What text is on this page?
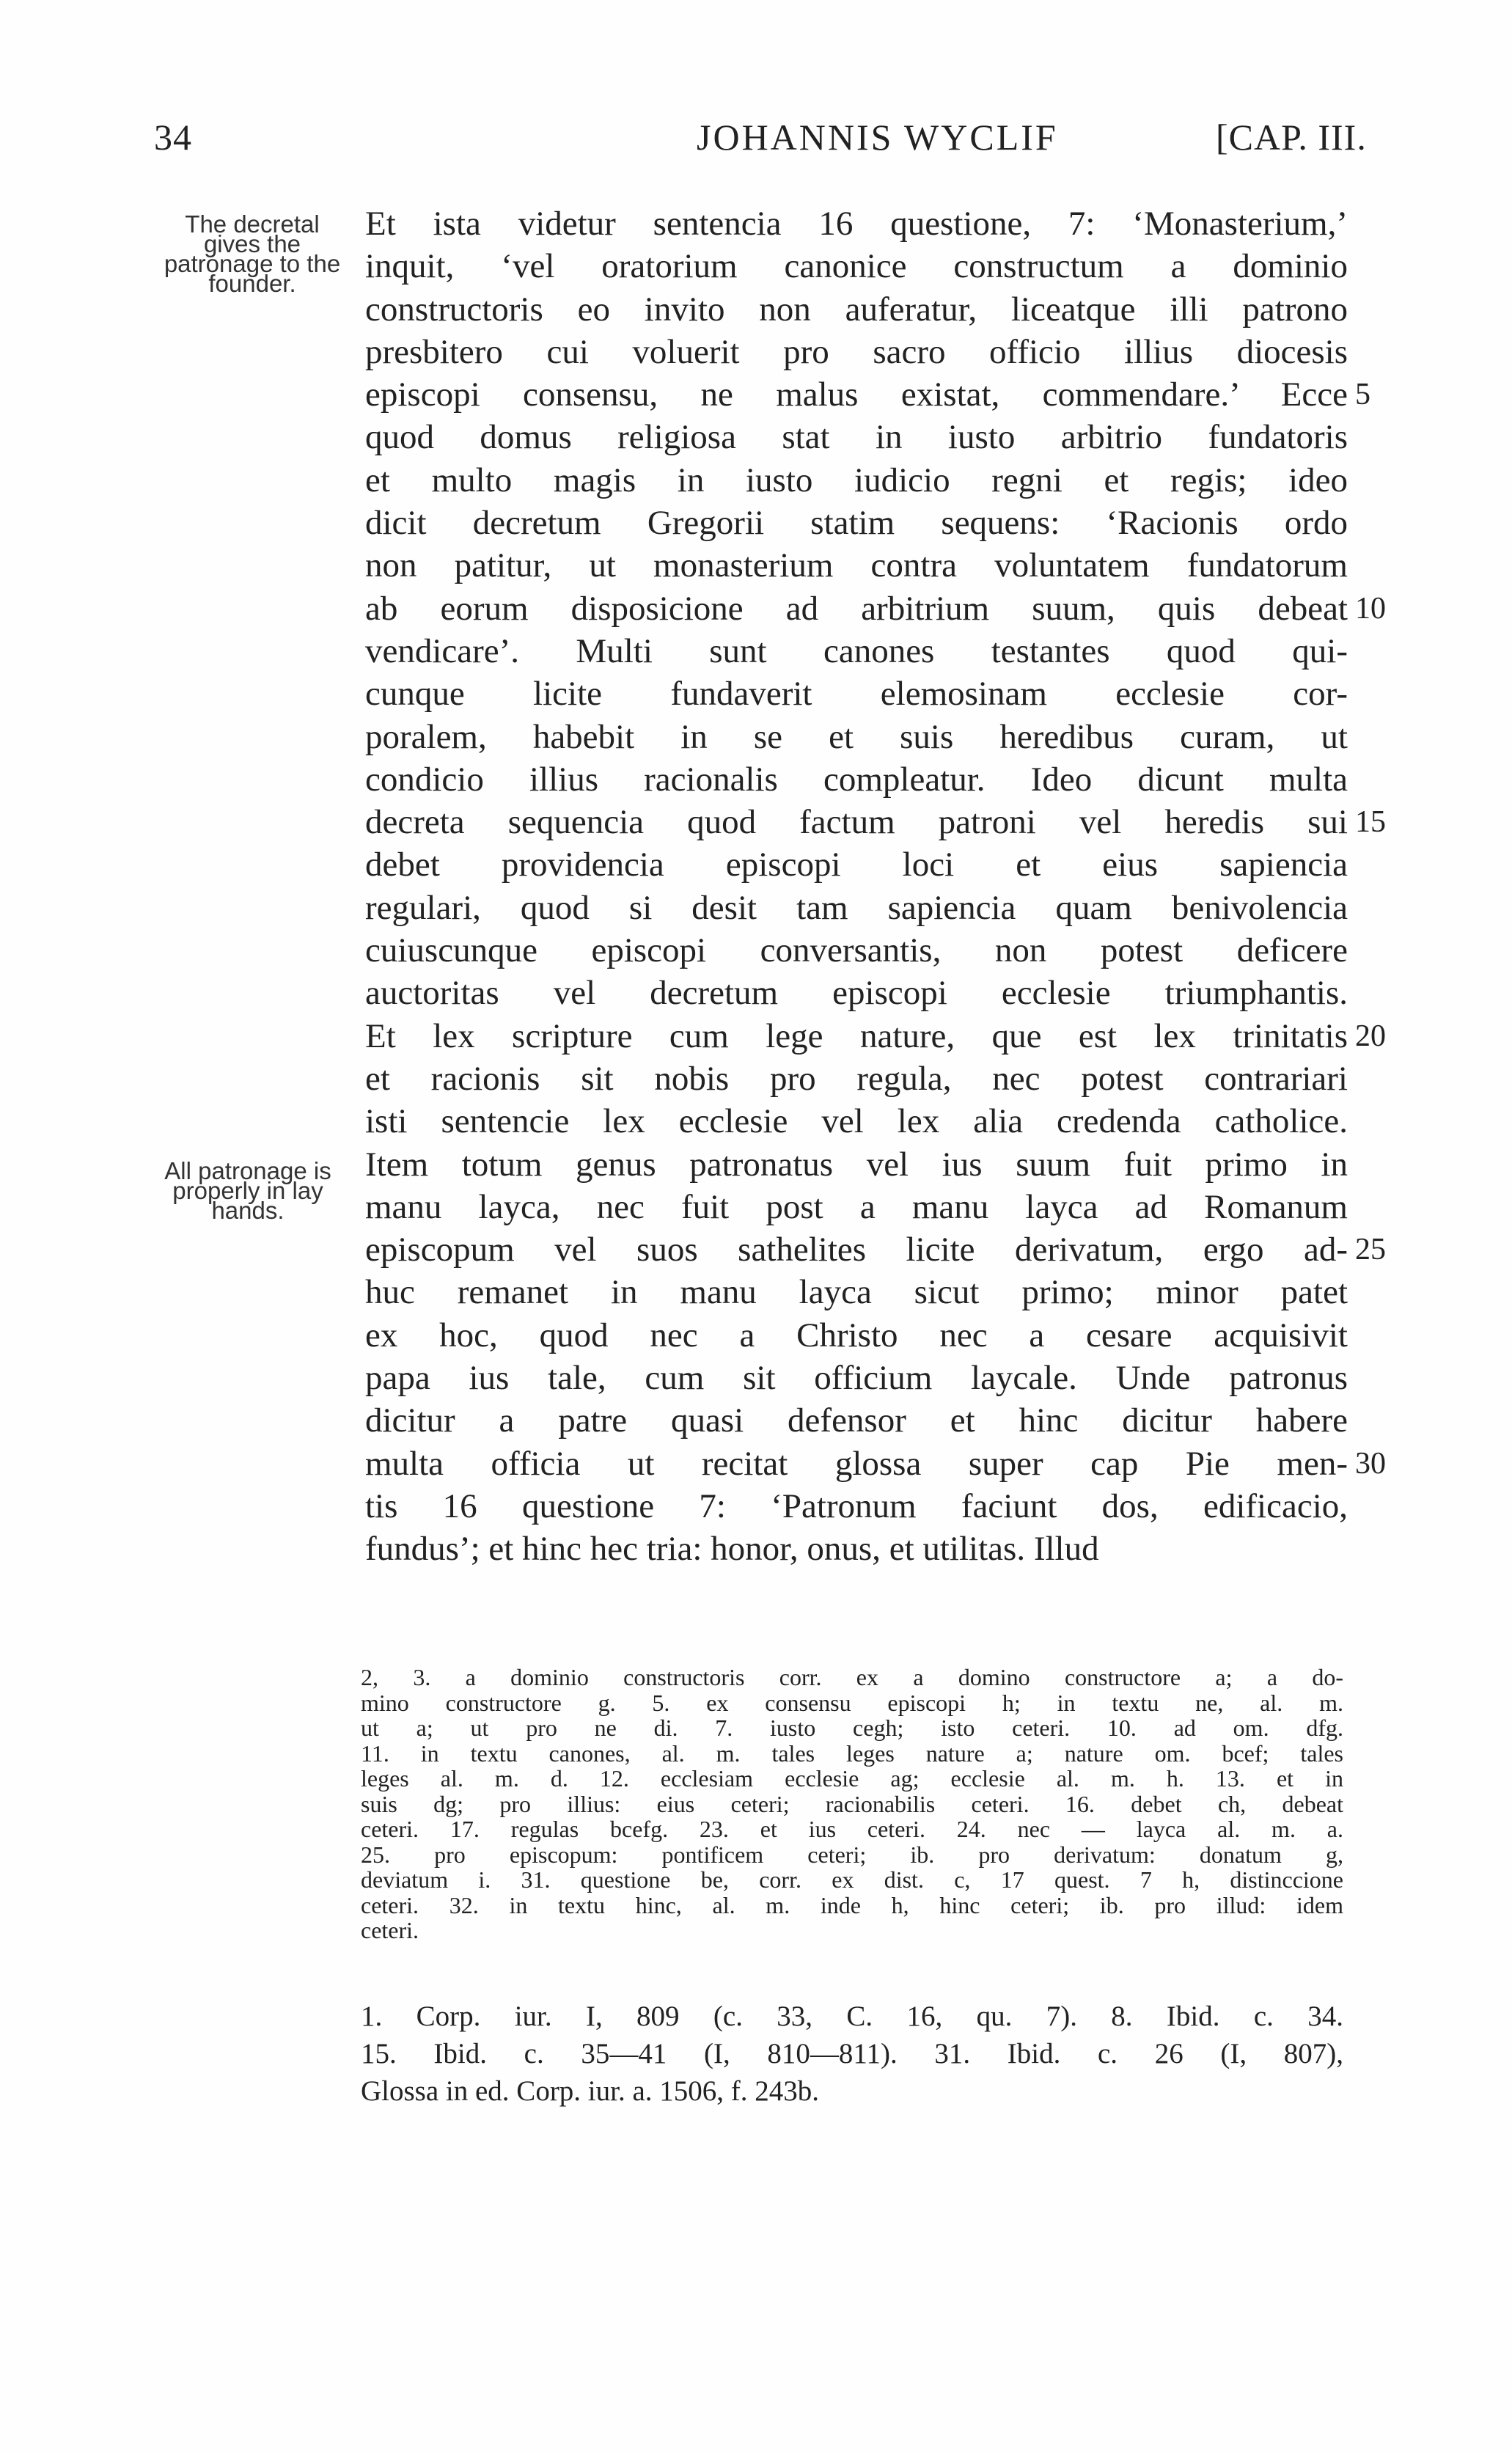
34	JOHANNIS WYCLIF	[CAP. III.
The decretal gives the patronage to the founder.
All patronage is properly in lay hands.
Et ista videtur sentencia 16 questione, 7: ‘Monasterium,’
inquit, ‘vel oratorium canonice constructum a dominio
constructoris eo invito non auferatur, liceatque illi patrono
presbitero cui voluerit pro sacro officio illius diocesis
episcopi consensu, ne malus existat, commendare.’ Ecce 5
quod domus religiosa stat in iusto arbitrio fundatoris
et multo magis in iusto iudicio regni et regis; ideo
dicit decretum Gregorii statim sequens: ‘Racionis ordo
non patitur, ut monasterium contra voluntatem fundatorum
ab eorum disposicione ad arbitrium suum, quis debeat 10
vendicare’. Multi sunt canones testantes quod qui-
cunque licite fundaverit elemosinam ecclesie cor-
poralem, habebit in se et suis heredibus curam, ut
condicio illius racionalis compleatur. Ideo dicunt multa
decreta sequencia quod factum patroni vel heredis sui 15
debet providencia episcopi loci et eius sapiencia
regulari, quod si desit tam sapiencia quam benivolencia
cuiuscunque episcopi conversantis, non potest deficere
auctoritas vel decretum episcopi ecclesie triumphantis.
Et lex scripture cum lege nature, que est lex trinitatis 20
et racionis sit nobis pro regula, nec potest contrariari
isti sentencie lex ecclesie vel lex alia credenda catholice.
Item totum genus patronatus vel ius suum fuit primo in
manu layca, nec fuit post a manu layca ad Romanum
episcopum vel suos sathelites licite derivatum, ergo ad- 25
huc remanet in manu layca sicut primo; minor patet
ex hoc, quod nec a Christo nec a cesare acquisivit
papa ius tale, cum sit officium laycale. Unde patronus
dicitur a patre quasi defensor et hinc dicitur habere
multa officia ut recitat glossa super cap Pie men- 30
tis 16 questione 7: ‘Patronum faciunt dos, edificacio,
fundus’; et hinc hec tria: honor, onus, et utilitas. Illud
2, 3. a dominio constructoris corr. ex a domino constructore a; a do-
mino constructore g. 5. ex consensu episcopi h; in textu ne, al. m.
ut a; ut pro ne di. 7. iusto cegh; isto ceteri. 10. ad om. dfg.
11. in textu canones, al. m. tales leges nature a; nature om. bcef; tales
leges al. m. d. 12. ecclesiam ecclesie ag; ecclesie al. m. h. 13. et in
suis dg; pro illius: eius ceteri; racionabilis ceteri. 16. debet ch, debeat
ceteri. 17. regulas bcefg. 23. et ius ceteri. 24. nec — layca al. m. a.
25. pro episcopum: pontificem ceteri; ib. pro derivatum: donatum g,
deviatum i. 31. questione be, corr. ex dist. c, 17 quest. 7 h, distinccione
ceteri. 32. in textu hinc, al. m. inde h, hinc ceteri; ib. pro illud: idem
ceteri.
1. Corp. iur. I, 809 (c. 33, C. 16, qu. 7). 8. Ibid. c. 34.
15. Ibid. c. 35—41 (I, 810—811). 31. Ibid. c. 26 (I, 807),
Glossa in ed. Corp. iur. a. 1506, f. 243b.
